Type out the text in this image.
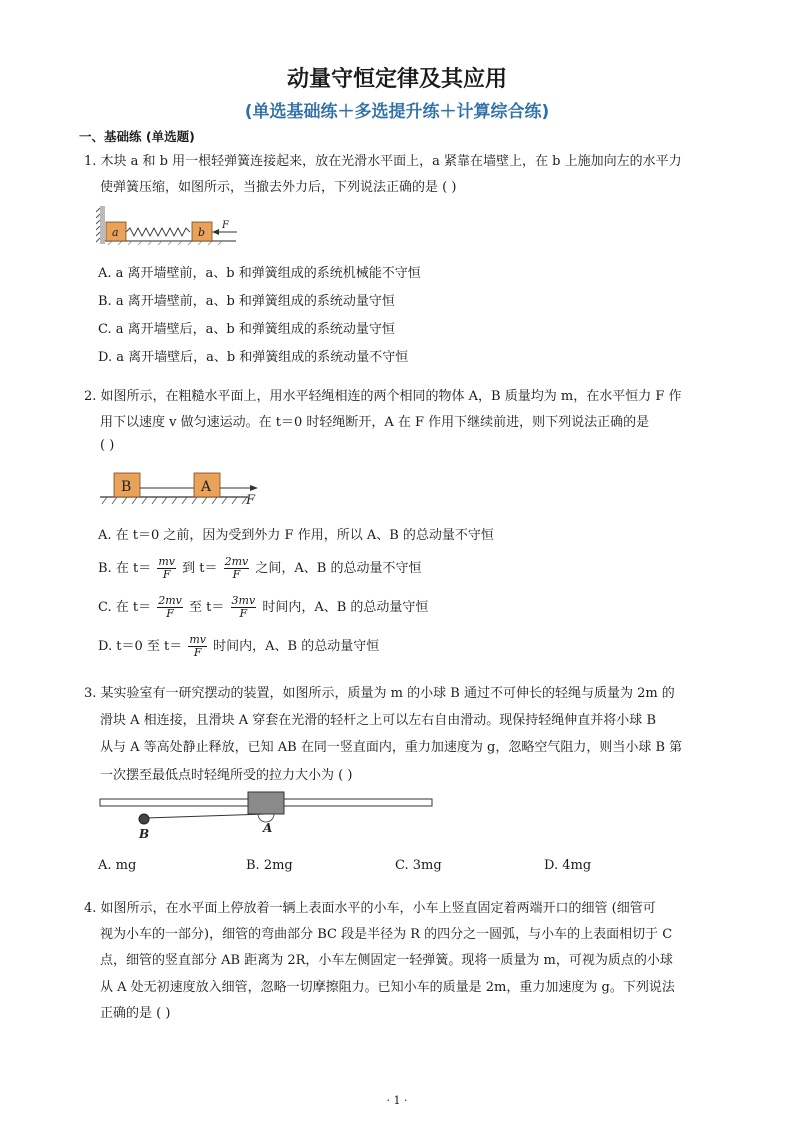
动量守恒定律及其应用
(单选基础练＋多选提升练＋计算综合练)
一、基础练 (单选题)
1. 木块 a 和 b 用一根轻弹簧连接起来，放在光滑水平面上，a 紧靠在墙壁上，在 b 上施加向左的水平力
使弹簧压缩，如图所示，当撤去外力后，下列说法正确的是 ( )
a	b
F
A. a 离开墙壁前，a、b 和弹簧组成的系统机械能不守恒
B. a 离开墙壁前，a、b 和弹簧组成的系统动量守恒
C. a 离开墙壁后，a、b 和弹簧组成的系统动量守恒
D. a 离开墙壁后，a、b 和弹簧组成的系统动量不守恒
2. 如图所示，在粗糙水平面上，用水平轻绳相连的两个相同的物体 A，B 质量均为 m，在水平恒力 F 作
用下以速度 v 做匀速运动。在 t＝0 时轻绳断开，A 在 F 作用下继续前进，则下列说法正确的是
( )
B	A
F
A. 在 t＝0 之前，因为受到外力 F 作用，所以 A、B 的总动量不守恒
B. 在 $t= \frac{mv}{F}$ 到 $t= \frac{2mv}{F}$ 之间，A、B 的总动量不守恒
C. 在 $t= \frac{2mv}{F}$ 至 $t= \frac{3mv}{F}$ 时间内，A、B 的总动量守恒
D. t＝0 至 $t= \frac{mv}{F}$ 时间内，A、B 的总动量守恒
3. 某实验室有一研究摆动的装置，如图所示，质量为 m 的小球 B 通过不可伸长的轻绳与质量为 2m 的
滑块 A 相连接，且滑块 A 穿套在光滑的轻杆之上可以左右自由滑动。现保持轻绳伸直并将小球 B
从与 A 等高处静止释放，已知 AB 在同一竖直面内，重力加速度为 g，忽略空气阻力，则当小球 B 第
一次摆至最低点时轻绳所受的拉力大小为 ( )
B	A
A. mg	B. 2mg	C. 3mg	D. 4mg
4. 如图所示，在水平面上停放着一辆上表面水平的小车，小车上竖直固定着两端开口的细管 (细管可
视为小车的一部分)，细管的弯曲部分 BC 段是半径为 R 的四分之一圆弧，与小车的上表面相切于 C
点，细管的竖直部分 AB 距离为 2R，小车左侧固定一轻弹簧。现将一质量为 m，可视为质点的小球
从 A 处无初速度放入细管，忽略一切摩擦阻力。已知小车的质量是 2m，重力加速度为 g。下列说法
正确的是 ( )
· 1 ·
